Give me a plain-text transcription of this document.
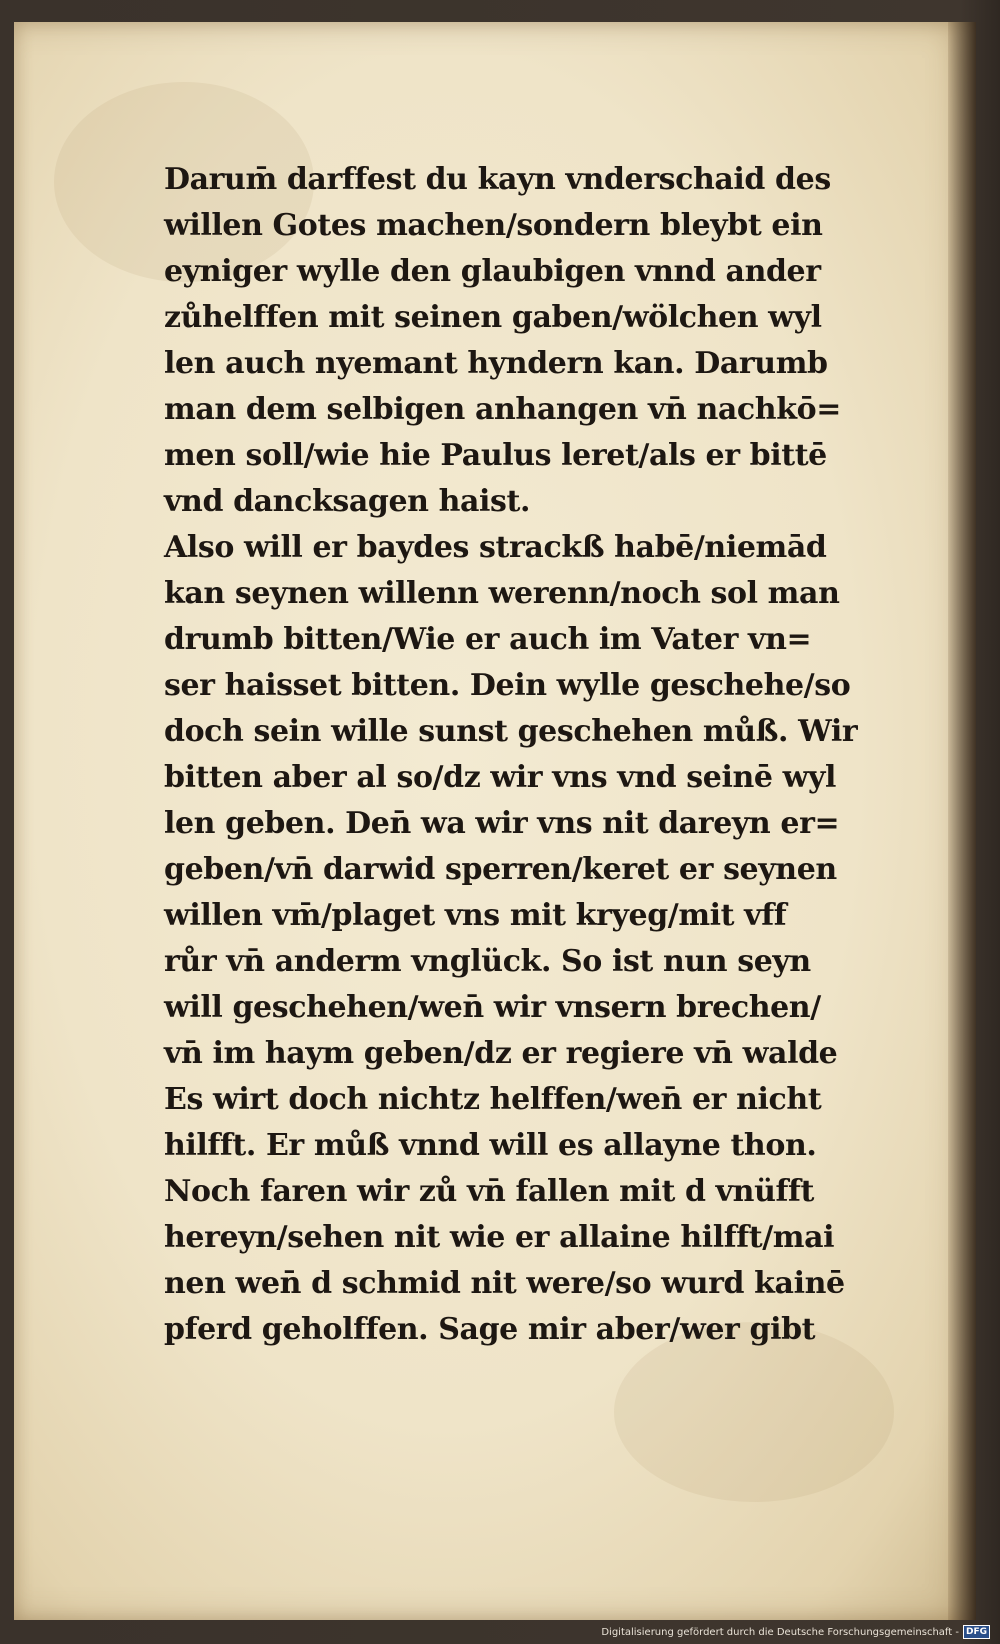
Darum̄ darffest du kayn vnderschaid des
willen Gotes machen/sondern bleybt ein
eyniger wylle den glaubigen vnnd ander
zůhelffen mit seinen gaben/wölchen wyl
len auch nyemant hyndern kan. Darumb
man dem selbigen anhangen vn̄ nachkō=
men soll/wie hie Paulus leret/als er bittē
vnd dancksagen haist.
Also will er baydes strackß habē/niemād
kan seynen willenn werenn/noch sol man
drumb bitten/Wie er auch im Vater vn=
ser haisset bitten. Dein wylle geschehe/so
doch sein wille sunst geschehen můß. Wir
bitten aber al so/dz wir vns vnd seinē wyl
len geben. Den̄ wa wir vns nit dareyn er=
geben/vn̄ darwid sperren/keret er seynen
willen vm̄/plaget vns mit kryeg/mit vff
růr vn̄ anderm vnglück. So ist nun seyn
will geschehen/wen̄ wir vnsern brechen/
vn̄ im haym geben/dz er regiere vn̄ walde
Es wirt doch nichtz helffen/wen̄ er nicht
hilfft. Er můß vnnd will es allayne thon.
Noch faren wir zů vn̄ fallen mit d vnüfft
hereyn/sehen nit wie er allaine hilfft/mai
nen wen̄ d schmid nit were/so wurd kainē
pferd geholffen. Sage mir aber/wer gibt
Digitalisierung gefördert durch die Deutsche Forschungsgemeinschaft - DFG
